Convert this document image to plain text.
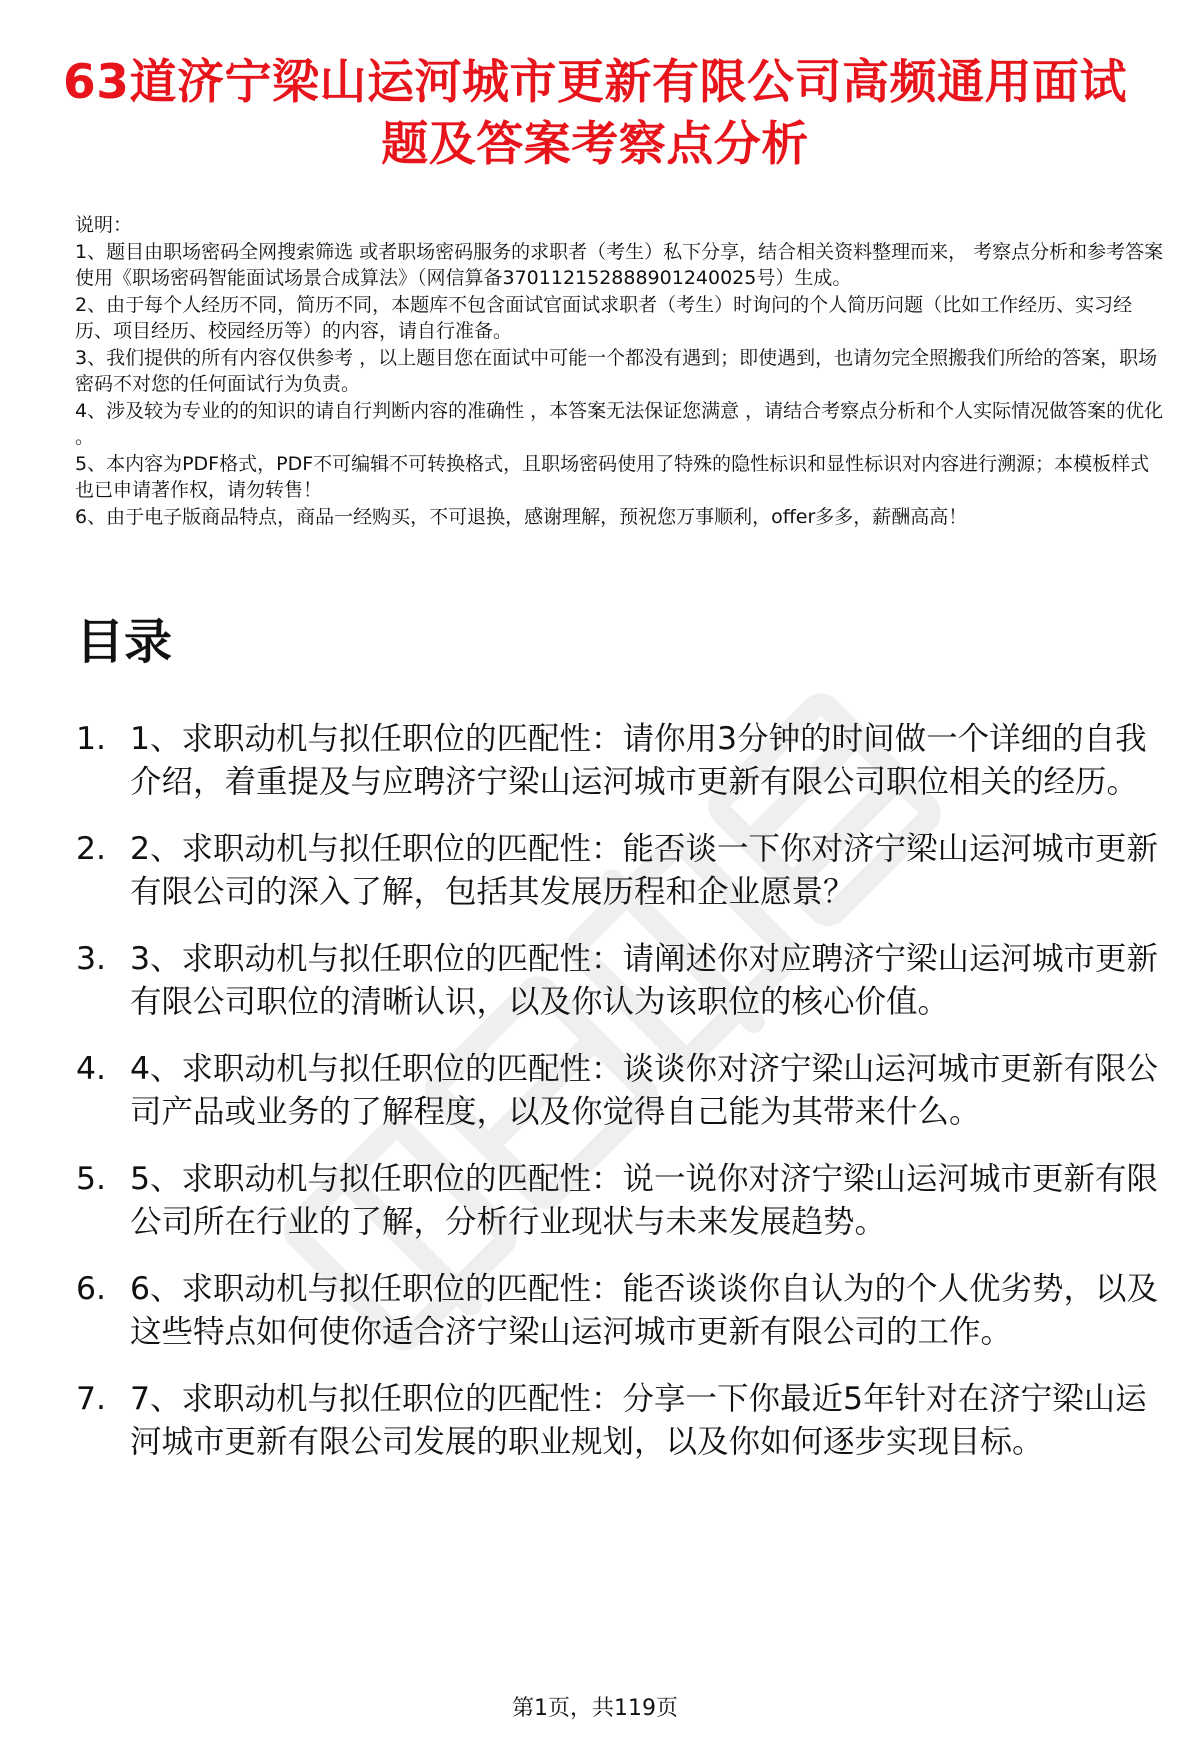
63道济宁梁山运河城市更新有限公司高频通用面试题及答案考察点分析

说明：

1、题目由职场密码全网搜索筛选 或者职场密码服务的求职者（考生）私下分享，结合相关资料整理而来， 考察点分析和参考答案使用《职场密码智能面试场景合成算法》（网信算备370112152888901240025号）生成。

2、由于每个人经历不同，简历不同，本题库不包含面试官面试求职者（考生）时询问的个人简历问题（比如工作经历、实习经历、项目经历、校园经历等）的内容，请自行准备。

3、我们提供的所有内容仅供参考 ，以上题目您在面试中可能一个都没有遇到；即使遇到，也请勿完全照搬我们所给的答案，职场密码不对您的任何面试行为负责。

4、涉及较为专业的的知识的请自行判断内容的准确性 ，本答案无法保证您满意 ，请结合考察点分析和个人实际情况做答案的优化 。

5、本内容为PDF格式，PDF不可编辑不可转换格式，且职场密码使用了特殊的隐性标识和显性标识对内容进行溯源；本模板样式也已申请著作权，请勿转售！

6、由于电子版商品特点，商品一经购买，不可退换，感谢理解，预祝您万事顺利，offer多多，薪酬高高！

目录
1. 1、求职动机与拟任职位的匹配性：请你用3分钟的时间做一个详细的自我介绍，着重提及与应聘济宁梁山运河城市更新有限公司职位相关的经历。
2. 2、求职动机与拟任职位的匹配性：能否谈一下你对济宁梁山运河城市更新有限公司的深入了解，包括其发展历程和企业愿景？
3. 3、求职动机与拟任职位的匹配性：请阐述你对应聘济宁梁山运河城市更新有限公司职位的清晰认识，以及你认为该职位的核心价值。
4. 4、求职动机与拟任职位的匹配性：谈谈你对济宁梁山运河城市更新有限公司产品或业务的了解程度，以及你觉得自己能为其带来什么。
5. 5、求职动机与拟任职位的匹配性：说一说你对济宁梁山运河城市更新有限公司所在行业的了解，分析行业现状与未来发展趋势。
6. 6、求职动机与拟任职位的匹配性：能否谈谈你自认为的个人优劣势，以及这些特点如何使你适合济宁梁山运河城市更新有限公司的工作。
7. 7、求职动机与拟任职位的匹配性：分享一下你最近5年针对在济宁梁山运河城市更新有限公司发展的职业规划，以及你如何逐步实现目标。
第1页，共119页
